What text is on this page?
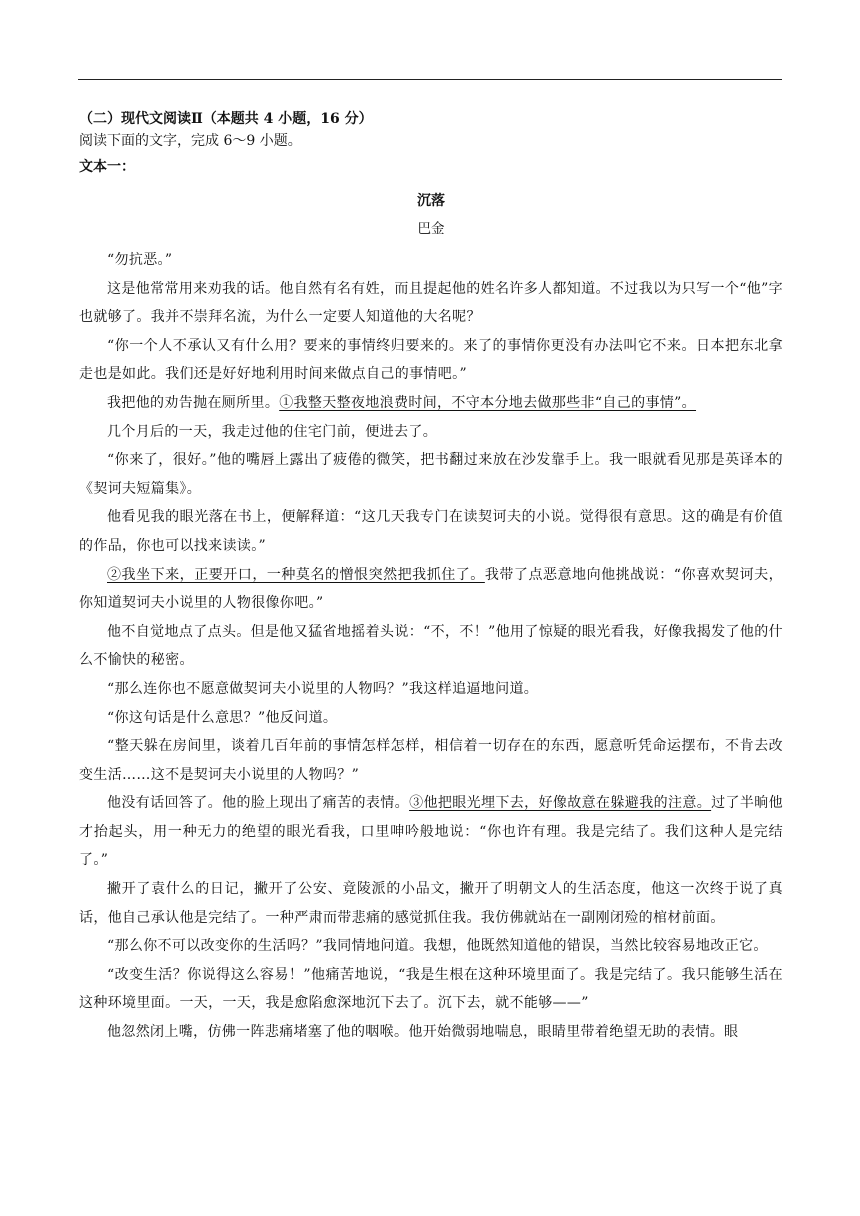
（二）现代文阅读Ⅱ（本题共 4 小题，16 分）

阅读下面的文字，完成 6～9 小题。

文本一：

沉落
巴金

“勿抗恶。”

这是他常常用来劝我的话。他自然有名有姓，而且提起他的姓名许多人都知道。不过我以为只写一个“他”字也就够了。我并不崇拜名流，为什么一定要人知道他的大名呢？

“你一个人不承认又有什么用？要来的事情终归要来的。来了的事情你更没有办法叫它不来。日本把东北拿走也是如此。我们还是好好地利用时间来做点自己的事情吧。”

我把他的劝告抛在厕所里。①我整天整夜地浪费时间，不守本分地去做那些非“自己的事情”。

几个月后的一天，我走过他的住宅门前，便进去了。

“你来了，很好。”他的嘴唇上露出了疲倦的微笑，把书翻过来放在沙发靠手上。我一眼就看见那是英译本的《契诃夫短篇集》。

他看见我的眼光落在书上，便解释道：“这几天我专门在读契诃夫的小说。觉得很有意思。这的确是有价值的作品，你也可以找来读读。”

②我坐下来，正要开口，一种莫名的憎恨突然把我抓住了。我带了点恶意地向他挑战说：“你喜欢契诃夫，你知道契诃夫小说里的人物很像你吧。”

他不自觉地点了点头。但是他又猛省地摇着头说：“不，不！”他用了惊疑的眼光看我，好像我揭发了他的什么不愉快的秘密。

“那么连你也不愿意做契诃夫小说里的人物吗？”我这样追逼地问道。

“你这句话是什么意思？”他反问道。

“整天躲在房间里，谈着几百年前的事情怎样怎样，相信着一切存在的东西，愿意听凭命运摆布，不肯去改变生活……这不是契诃夫小说里的人物吗？”

他没有话回答了。他的脸上现出了痛苦的表情。③他把眼光埋下去，好像故意在躲避我的注意。过了半晌他才抬起头，用一种无力的绝望的眼光看我，口里呻吟般地说：“你也许有理。我是完结了。我们这种人是完结了。”

撇开了袁什么的日记，撇开了公安、竟陵派的小品文，撇开了明朝文人的生活态度，他这一次终于说了真话，他自己承认他是完结了。一种严肃而带悲痛的感觉抓住我。我仿佛就站在一副刚闭殓的棺材前面。

“那么你不可以改变你的生活吗？”我同情地问道。我想，他既然知道他的错误，当然比较容易地改正它。

“改变生活？你说得这么容易！”他痛苦地说，“我是生根在这种环境里面了。我是完结了。我只能够生活在这种环境里面。一天，一天，我是愈陷愈深地沉下去了。沉下去，就不能够——”

他忽然闭上嘴，仿佛一阵悲痛堵塞了他的咽喉。他开始微弱地喘息，眼睛里带着绝望无助的表情。眼
